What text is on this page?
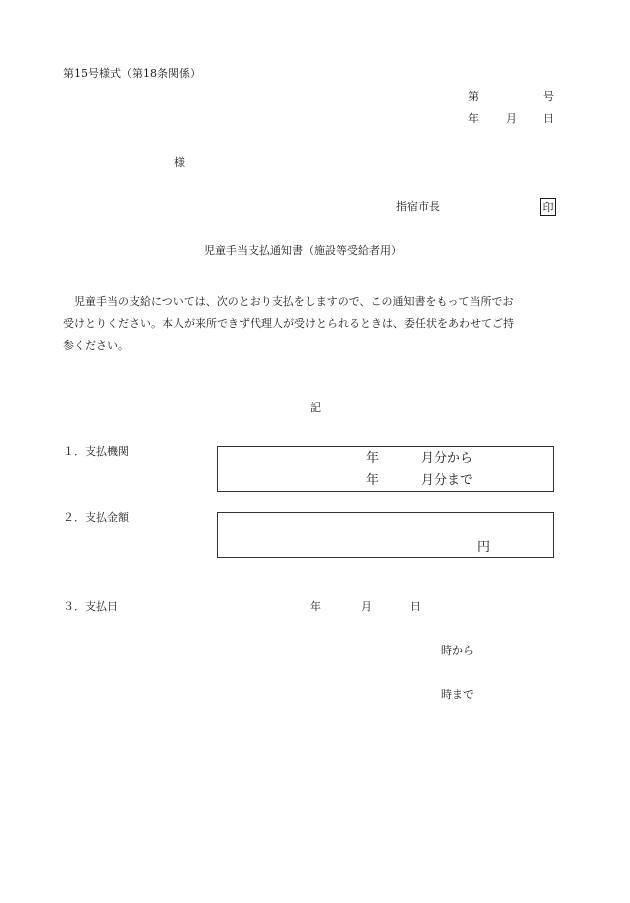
第15号様式（第18条関係）
第	号
年 月 日
様
指宿市長	印
児童手当支払通知書（施設等受給者用）

　児童手当の支給については、次のとおり支払をしますので、この通知書をもって当所でお

受けとりください。本人が来所できず代理人が受けとられるときは、委任状をあわせてご持

参ください。

記
１．支払機関	年	月分から
年	月分まで
２．支払金額
円
３．支払日	年	月	日
時から
時まで
